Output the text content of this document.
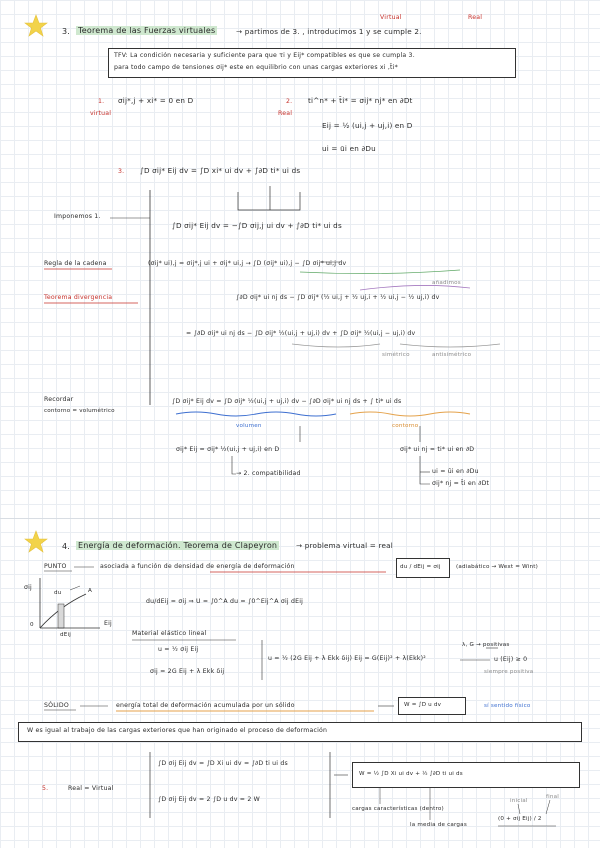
3. Teorema de las Fuerzas virtuales	→ partimos de 3. , introducimos 1 y se cumple 2.
Virtual	Real
TFV: La condición necesaria y suficiente para que τi y Eij* compatibles es que se cumpla 3.
para todo campo de tensiones σij* este en equilibrio con unas cargas exteriores xi ,t̄i*
1. σij*,j + xi* = 0 en D
virtual
2.
Real
ti^n* + t̄i* = σij* nj* en ∂Dt
Eij = ½ (ui,j + uj,i) en D
ui = ūi en ∂Du
3. ∫D σij* Eij dv = ∫D xi* ui dv + ∫∂D ti* ui ds
Imponemos 1.
∫D σij* Eij dv = −∫D σij,j ui dv + ∫∂D ti* ui ds
Regla de la cadena	(σij* ui),j = σij*,j ui + σij* ui,j → ∫D (σij* ui),j − ∫D σij* ui,j dv
añadimos
Teorema divergencia	∫∂D σij* ui nj ds − ∫D σij* (½ ui,j + ½ uj,i + ½ ui,j − ½ uj,i) dv
= ∫∂D σij* ui nj ds − ∫D σij* ½(ui,j + uj,i) dv + ∫D σij* ½(ui,j − uj,i) dv
simétrico	antisimétrico
Recordar
contorno = volumétrico
∫D σij* Eij dv = ∫D σij* ½(ui,j + uj,i) dv − ∫∂D σij* ui nj ds + ∫ ti* ui ds
volumen	contorno
σij* Eij = σij* ½(ui,j + uj,i) en D
→ 2. compatibilidad
σij* ui nj = ti* ui en ∂D
ui = ūi en ∂Du
σij* nj = t̄i en ∂Dt
4. Energía de deformación. Teorema de Clapeyron	→ problema virtual = real
PUNTO	asociada a función de densidad de energía de deformación	du / dEij = σij	(adiabático → Wext = Wint)
σij
Eij
du	A
0
dEij
du/dEij = σij ⇒ U = ∫0^A du = ∫0^Eij^A σij dEij
Material elástico lineal
u = ½ σij Eij
σij = 2G Eij + λ Ekk δij
u = ½ (2G Eij + λ Ekk δij) Eij = G(Eij)² + λ(Ekk)²
λ, G → positivas
u (Eij) ≥ 0
siempre positiva
SÓLIDO	energía total de deformación acumulada por un sólido	W = ∫D u dv	sí sentido físico
W es igual al trabajo de las cargas exteriores que han originado el proceso de deformación
5.	Real = Virtual
∫D σij Eij dv = ∫D Xi ui dv = ∫∂D ti ui ds
∫D σij Eij dv = 2 ∫D u dv = 2 W
W = ½ ∫D Xi ui dv + ½ ∫∂D ti ui ds
cargas características (dentro)
la media de cargas
inicial
final
(0 + σij Eij) / 2
